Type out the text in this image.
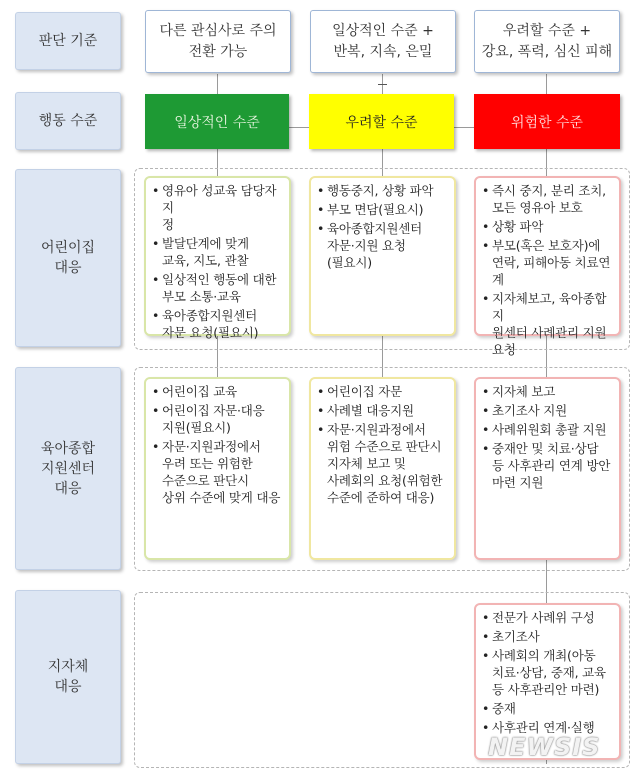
판단 기준
행동 수준
어린이집
대응
육아종합
지원센터
대응
지자체
대응
다른 관심사로 주의
전환 가능
일상적인 수준 +
반복, 지속, 은밀
우려할 수준 +
강요, 폭력, 심신 피해
일상적인 수준	우려할 수준	위험한 수준
• 영유아 성교육 담당자 지
정
• 발달단계에 맞게
교육, 지도, 관찰
• 일상적인 행동에 대한
부모 소통·교육
• 육아종합지원센터
자문 요청(필요시)
• 행동중지, 상황 파악
• 부모 면담(필요시)
• 육아종합지원센터
자문·지원 요청
(필요시)
• 즉시 중지, 분리 조치,
모든 영유아 보호
• 상황 파악
• 부모(혹은 보호자)에
연락, 피해아동 치료연계
• 지자체보고, 육아종합지
원센터 사례관리 지원 요청
• 어린이집 교육
• 어린이집 자문·대응
지원(필요시)
• 자문·지원과정에서
우려 또는 위험한
수준으로 판단시
상위 수준에 맞게 대응
• 어린이집 자문
• 사례별 대응지원
• 자문·지원과정에서
위험 수준으로 판단시
지자체 보고 및
사례회의 요청(위험한
수준에 준하여 대응)
• 지자체 보고
• 초기조사 지원
• 사례위원회 총괄 지원
• 중재안 및 치료·상담
등 사후관리 연계 방안
마련 지원
• 전문가 사례위 구성
• 초기조사
• 사례회의 개최(아동
치료·상담, 중재, 교육
등 사후관리안 마련)
• 중재
• 사후관리 연계·실행
NEWSIS
